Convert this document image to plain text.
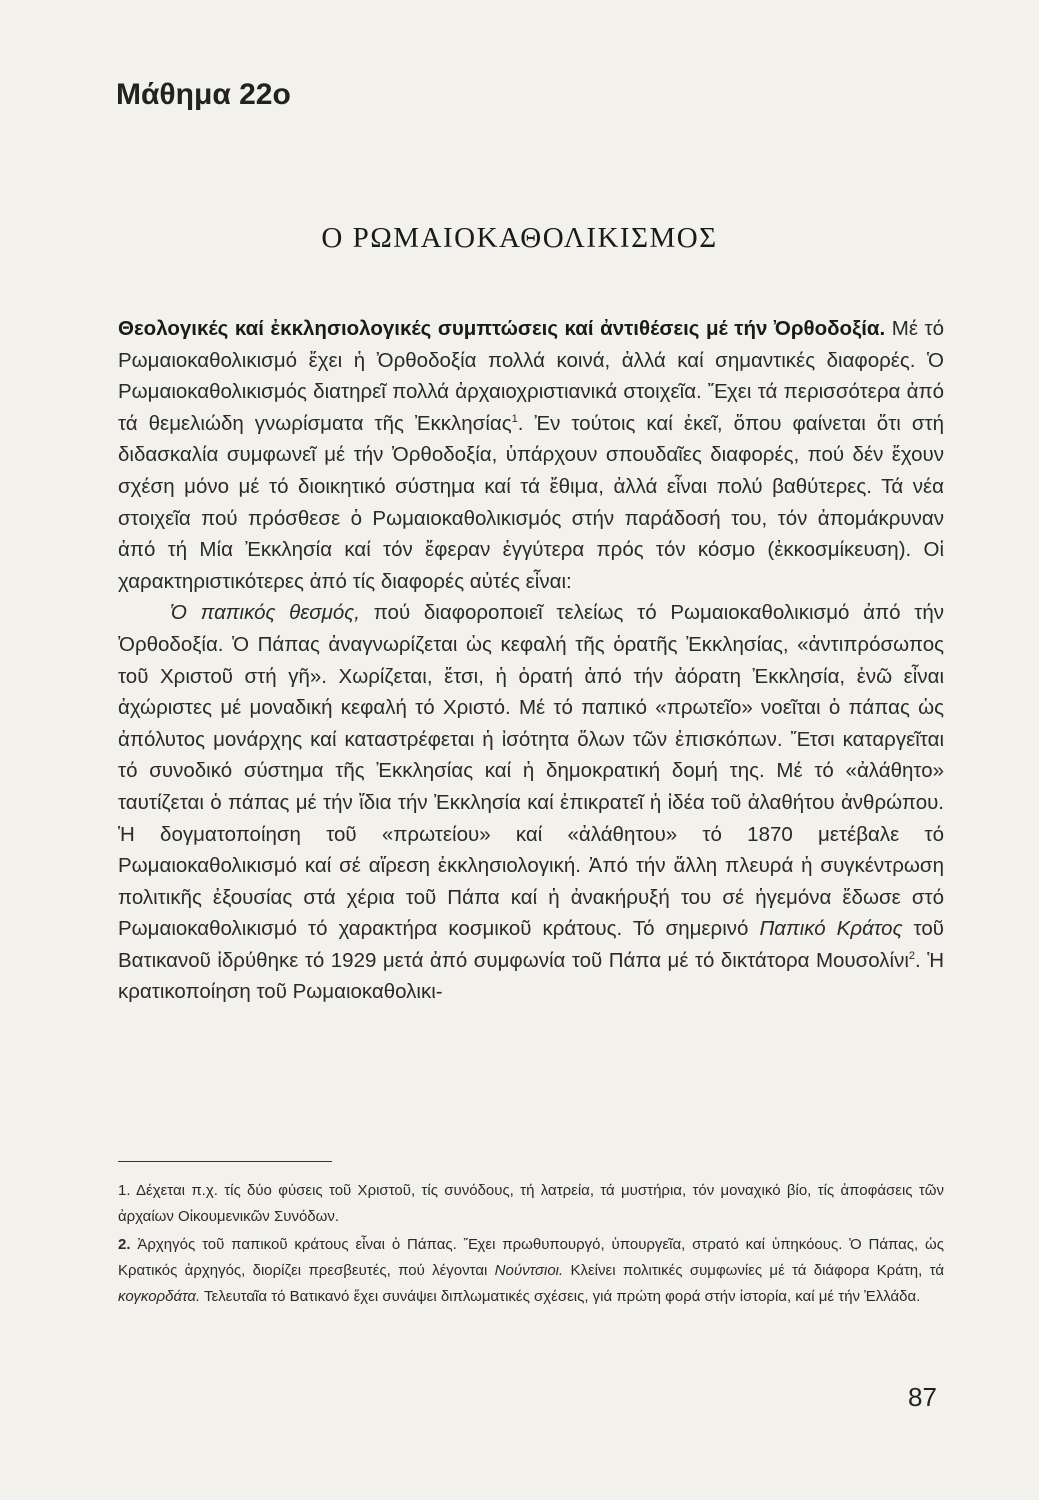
Μάθημα 22ο
Ο ΡΩΜΑΙΟΚΑΘΟΛΙΚΙΣΜΟΣ

Θεολογικές καί ἐκκλησιολογικές συμπτώσεις καί ἀντιθέσεις μέ τήν Ὀρθοδοξία. Μέ τό Ρωμαιοκαθολικισμό ἔχει ἡ Ὀρθοδοξία πολλά κοινά, ἀλλά καί σημαντικές διαφορές. Ὁ Ρωμαιοκαθολικισμός διατηρεῖ πολλά ἀρχαιοχριστιανικά στοιχεῖα. Ἔχει τά περισσότερα ἀπό τά θεμελιώδη γνωρίσματα τῆς Ἐκκλησίας$^1$. Ἐν τούτοις καί ἐκεῖ, ὅπου φαίνεται ὅτι στή διδασκαλία συμφωνεῖ μέ τήν Ὀρθοδοξία, ὑπάρχουν σπουδαῖες διαφορές, πού δέν ἔχουν σχέση μόνο μέ τό διοικητικό σύστημα καί τά ἔθιμα, ἀλλά εἶναι πολύ βαθύτερες. Τά νέα στοιχεῖα πού πρόσθεσε ὁ Ρωμαιοκαθολικισμός στήν παράδοσή του, τόν ἀπομάκρυναν ἀπό τή Μία Ἐκκλησία καί τόν ἔφεραν ἐγγύτερα πρός τόν κόσμο (ἐκκοσμίκευση). Οἱ χαρακτηριστικότερες ἀπό τίς διαφορές αὐτές εἶναι:

Ὁ παπικός θεσμός, πού διαφοροποιεῖ τελείως τό Ρωμαιοκαθολικισμό ἀπό τήν Ὀρθοδοξία. Ὁ Πάπας ἀναγνωρίζεται ὡς κεφαλή τῆς ὁρατῆς Ἐκκλησίας, «ἀντιπρόσωπος τοῦ Χριστοῦ στή γῆ». Χωρίζεται, ἔτσι, ἡ ὁρατή ἀπό τήν ἀόρατη Ἐκκλησία, ἐνῶ εἶναι ἀχώριστες μέ μοναδική κεφαλή τό Χριστό. Μέ τό παπικό «πρωτεῖο» νοεῖται ὁ πάπας ὡς ἀπόλυτος μονάρχης καί καταστρέφεται ἡ ἰσότητα ὅλων τῶν ἐπισκόπων. Ἔτσι καταργεῖται τό συνοδικό σύστημα τῆς Ἐκκλησίας καί ἡ δημοκρατική δομή της. Μέ τό «ἀλάθητο» ταυτίζεται ὁ πάπας μέ τήν ἴδια τήν Ἐκκλησία καί ἐπικρατεῖ ἡ ἰδέα τοῦ ἀλαθήτου ἀνθρώπου. Ἡ δογματοποίηση τοῦ «πρωτείου» καί «ἀλάθητου» τό 1870 μετέβαλε τό Ρωμαιοκαθολικισμό καί σέ αἵρεση ἐκκλησιολογική. Ἀπό τήν ἄλλη πλευρά ἡ συγκέντρωση πολιτικῆς ἐξουσίας στά χέρια τοῦ Πάπα καί ἡ ἀνακήρυξή του σέ ἡγεμόνα ἔδωσε στό Ρωμαιοκαθολικισμό τό χαρακτήρα κοσμικοῦ κράτους. Τό σημερινό Παπικό Κράτος τοῦ Βατικανοῦ ἱδρύθηκε τό 1929 μετά ἀπό συμφωνία τοῦ Πάπα μέ τό δικτάτορα Μουσολίνι$^2$. Ἡ κρατικοποίηση τοῦ Ρωμαιοκαθολικι-

1. Δέχεται π.χ. τίς δύο φύσεις τοῦ Χριστοῦ, τίς συνόδους, τή λατρεία, τά μυστήρια, τόν μοναχικό βίο, τίς ἀποφάσεις τῶν ἀρχαίων Οἰκουμενικῶν Συνόδων.

2. Ἀρχηγός τοῦ παπικοῦ κράτους εἶναι ὁ Πάπας. Ἔχει πρωθυπουργό, ὑπουργεῖα, στρατό καί ὑπηκόους. Ὁ Πάπας, ὡς Κρατικός ἀρχηγός, διορίζει πρεσβευτές, πού λέγονται Νούντσιοι. Κλείνει πολιτικές συμφωνίες μέ τά διάφορα Κράτη, τά κογκορδάτα. Τελευταῖα τό Βατικανό ἔχει συνάψει διπλωματικές σχέσεις, γιά πρώτη φορά στήν ἱστορία, καί μέ τήν Ἑλλάδα.

87
